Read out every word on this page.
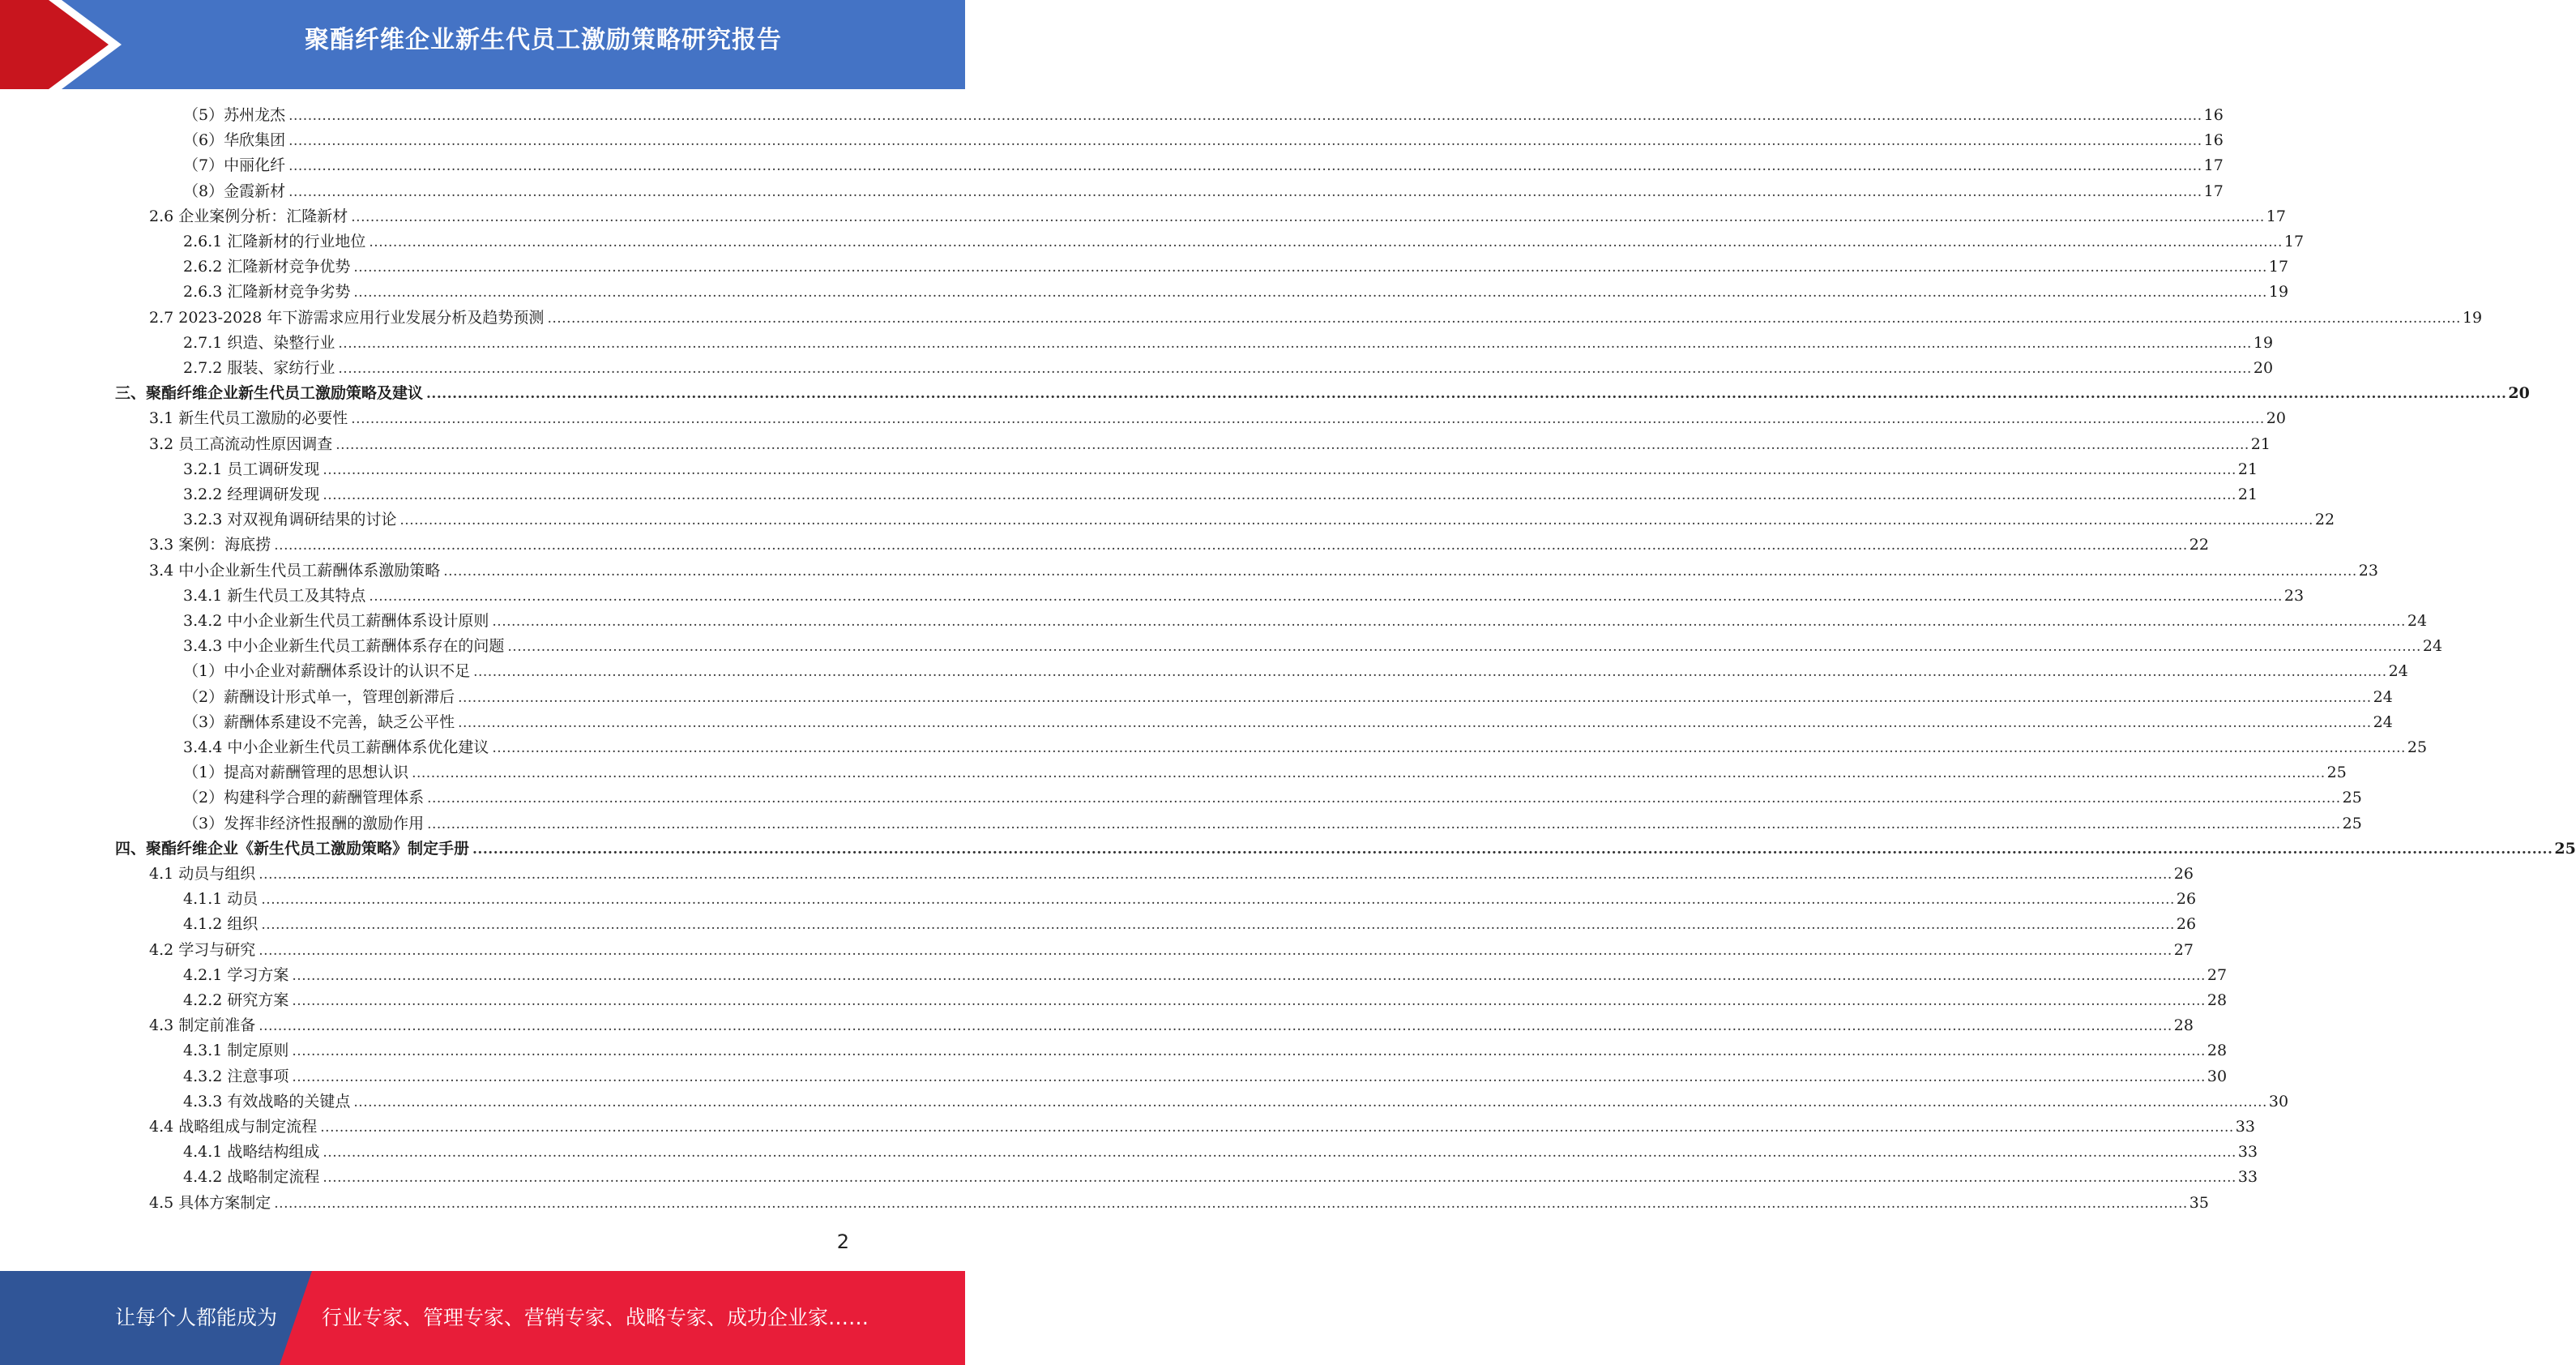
聚酯纤维企业新生代员工激励策略研究报告
（5）苏州龙杰 ................................................................................................................................................................................................................................................................................................................................................................................................................ 16
（6）华欣集团 ................................................................................................................................................................................................................................................................................................................................................................................................................ 16
（7）中丽化纤 ................................................................................................................................................................................................................................................................................................................................................................................................................ 17
（8）金霞新材 ................................................................................................................................................................................................................................................................................................................................................................................................................ 17
2.6 企业案例分析：汇隆新材 ................................................................................................................................................................................................................................................................................................................................................................................................................ 17
2.6.1 汇隆新材的行业地位 ................................................................................................................................................................................................................................................................................................................................................................................................................ 17
2.6.2 汇隆新材竞争优势 ................................................................................................................................................................................................................................................................................................................................................................................................................ 17
2.6.3 汇隆新材竞争劣势 ................................................................................................................................................................................................................................................................................................................................................................................................................ 19
2.7 2023-2028 年下游需求应用行业发展分析及趋势预测 ................................................................................................................................................................................................................................................................................................................................................................................................................ 19
2.7.1 织造、染整行业 ................................................................................................................................................................................................................................................................................................................................................................................................................ 19
2.7.2 服装、家纺行业 ................................................................................................................................................................................................................................................................................................................................................................................................................ 20
三、聚酯纤维企业新生代员工激励策略及建议 ................................................................................................................................................................................................................................................................................................................................................................................................................ 20
3.1 新生代员工激励的必要性 ................................................................................................................................................................................................................................................................................................................................................................................................................ 20
3.2 员工高流动性原因调查 ................................................................................................................................................................................................................................................................................................................................................................................................................ 21
3.2.1 员工调研发现 ................................................................................................................................................................................................................................................................................................................................................................................................................ 21
3.2.2 经理调研发现 ................................................................................................................................................................................................................................................................................................................................................................................................................ 21
3.2.3 对双视角调研结果的讨论 ................................................................................................................................................................................................................................................................................................................................................................................................................ 22
3.3 案例：海底捞 ................................................................................................................................................................................................................................................................................................................................................................................................................ 22
3.4 中小企业新生代员工薪酬体系激励策略 ................................................................................................................................................................................................................................................................................................................................................................................................................ 23
3.4.1 新生代员工及其特点 ................................................................................................................................................................................................................................................................................................................................................................................................................ 23
3.4.2 中小企业新生代员工薪酬体系设计原则 ................................................................................................................................................................................................................................................................................................................................................................................................................ 24
3.4.3 中小企业新生代员工薪酬体系存在的问题 ................................................................................................................................................................................................................................................................................................................................................................................................................ 24
（1）中小企业对薪酬体系设计的认识不足 ................................................................................................................................................................................................................................................................................................................................................................................................................ 24
（2）薪酬设计形式单一，管理创新滞后 ................................................................................................................................................................................................................................................................................................................................................................................................................ 24
（3）薪酬体系建设不完善，缺乏公平性 ................................................................................................................................................................................................................................................................................................................................................................................................................ 24
3.4.4 中小企业新生代员工薪酬体系优化建议 ................................................................................................................................................................................................................................................................................................................................................................................................................ 25
（1）提高对薪酬管理的思想认识 ................................................................................................................................................................................................................................................................................................................................................................................................................ 25
（2）构建科学合理的薪酬管理体系 ................................................................................................................................................................................................................................................................................................................................................................................................................ 25
（3）发挥非经济性报酬的激励作用 ................................................................................................................................................................................................................................................................................................................................................................................................................ 25
四、聚酯纤维企业《新生代员工激励策略》制定手册 ................................................................................................................................................................................................................................................................................................................................................................................................................ 25
4.1 动员与组织 ................................................................................................................................................................................................................................................................................................................................................................................................................ 26
4.1.1 动员 ................................................................................................................................................................................................................................................................................................................................................................................................................ 26
4.1.2 组织 ................................................................................................................................................................................................................................................................................................................................................................................................................ 26
4.2 学习与研究 ................................................................................................................................................................................................................................................................................................................................................................................................................ 27
4.2.1 学习方案 ................................................................................................................................................................................................................................................................................................................................................................................................................ 27
4.2.2 研究方案 ................................................................................................................................................................................................................................................................................................................................................................................................................ 28
4.3 制定前准备 ................................................................................................................................................................................................................................................................................................................................................................................................................ 28
4.3.1 制定原则 ................................................................................................................................................................................................................................................................................................................................................................................................................ 28
4.3.2 注意事项 ................................................................................................................................................................................................................................................................................................................................................................................................................ 30
4.3.3 有效战略的关键点 ................................................................................................................................................................................................................................................................................................................................................................................................................ 30
4.4 战略组成与制定流程 ................................................................................................................................................................................................................................................................................................................................................................................................................ 33
4.4.1 战略结构组成 ................................................................................................................................................................................................................................................................................................................................................................................................................ 33
4.4.2 战略制定流程 ................................................................................................................................................................................................................................................................................................................................................................................................................ 33
4.5 具体方案制定 ................................................................................................................................................................................................................................................................................................................................................................................................................ 35
2
让每个人都能成为 行业专家、管理专家、营销专家、战略专家、成功企业家……
